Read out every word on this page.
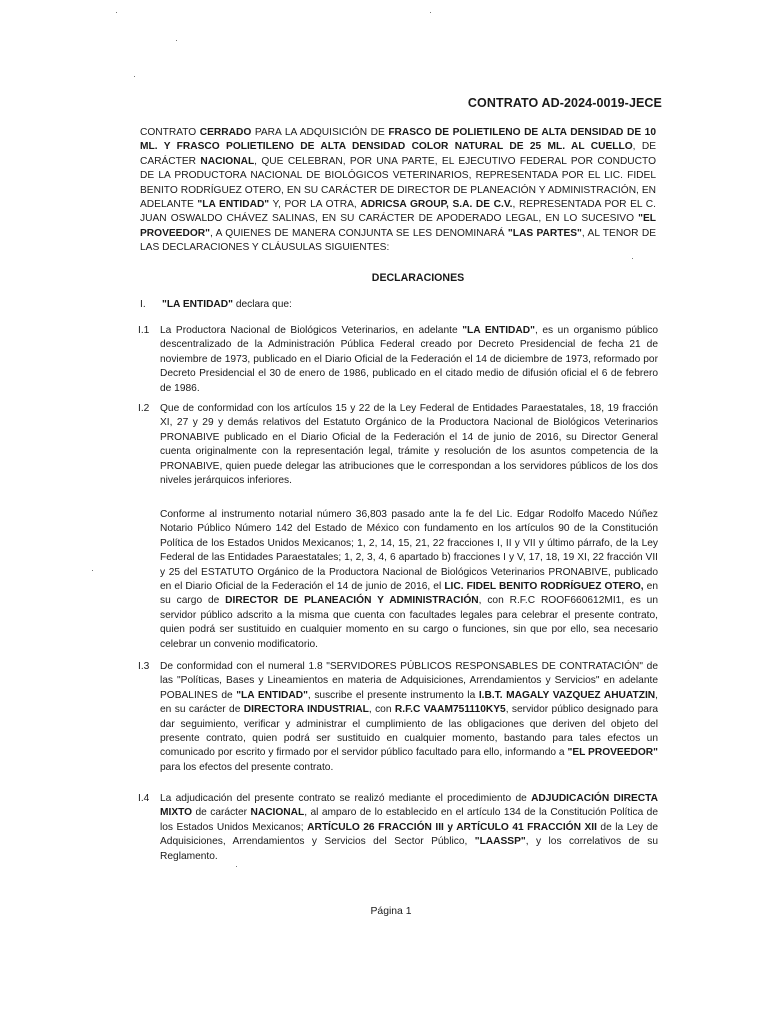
CONTRATO AD-2024-0019-JECE
CONTRATO CERRADO PARA LA ADQUISICIÓN DE FRASCO DE POLIETILENO DE ALTA DENSIDAD DE 10 ML. Y FRASCO POLIETILENO DE ALTA DENSIDAD COLOR NATURAL DE 25 ML. AL CUELLO, DE CARÁCTER NACIONAL, QUE CELEBRAN, POR UNA PARTE, EL EJECUTIVO FEDERAL POR CONDUCTO DE LA PRODUCTORA NACIONAL DE BIOLÓGICOS VETERINARIOS, REPRESENTADA POR EL LIC. FIDEL BENITO RODRÍGUEZ OTERO, EN SU CARÁCTER DE DIRECTOR DE PLANEACIÓN Y ADMINISTRACIÓN, EN ADELANTE "LA ENTIDAD" Y, POR LA OTRA, ADRICSA GROUP, S.A. DE C.V., REPRESENTADA POR EL C. JUAN OSWALDO CHÁVEZ SALINAS, EN SU CARÁCTER DE APODERADO LEGAL, EN LO SUCESIVO "EL PROVEEDOR", A QUIENES DE MANERA CONJUNTA SE LES DENOMINARÁ "LAS PARTES", AL TENOR DE LAS DECLARACIONES Y CLÁUSULAS SIGUIENTES:
DECLARACIONES
I. "LA ENTIDAD" declara que:
I.1	La Productora Nacional de Biológicos Veterinarios, en adelante "LA ENTIDAD", es un organismo público descentralizado de la Administración Pública Federal creado por Decreto Presidencial de fecha 21 de noviembre de 1973, publicado en el Diario Oficial de la Federación el 14 de diciembre de 1973, reformado por Decreto Presidencial el 30 de enero de 1986, publicado en el citado medio de difusión oficial el 6 de febrero de 1986.
I.2	Que de conformidad con los artículos 15 y 22 de la Ley Federal de Entidades Paraestatales, 18, 19 fracción XI, 27 y 29 y demás relativos del Estatuto Orgánico de la Productora Nacional de Biológicos Veterinarios PRONABIVE publicado en el Diario Oficial de la Federación el 14 de junio de 2016, su Director General cuenta originalmente con la representación legal, trámite y resolución de los asuntos competencia de la PRONABIVE, quien puede delegar las atribuciones que le correspondan a los servidores públicos de los dos niveles jerárquicos inferiores.
Conforme al instrumento notarial número 36,803 pasado ante la fe del Lic. Edgar Rodolfo Macedo Núñez Notario Público Número 142 del Estado de México con fundamento en los artículos 90 de la Constitución Política de los Estados Unidos Mexicanos; 1, 2, 14, 15, 21, 22 fracciones I, II y VII y último párrafo, de la Ley Federal de las Entidades Paraestatales; 1, 2, 3, 4, 6 apartado b) fracciones I y V, 17, 18, 19 XI, 22 fracción VII y 25 del ESTATUTO Orgánico de la Productora Nacional de Biológicos Veterinarios PRONABIVE, publicado en el Diario Oficial de la Federación el 14 de junio de 2016, el LIC. FIDEL BENITO RODRÍGUEZ OTERO, en su cargo de DIRECTOR DE PLANEACIÓN Y ADMINISTRACIÓN, con R.F.C ROOF660612MI1, es un servidor público adscrito a la misma que cuenta con facultades legales para celebrar el presente contrato, quien podrá ser sustituido en cualquier momento en su cargo o funciones, sin que por ello, sea necesario celebrar un convenio modificatorio.
I.3	De conformidad con el numeral 1.8 "SERVIDORES PÚBLICOS RESPONSABLES DE CONTRATACIÓN" de las "Políticas, Bases y Lineamientos en materia de Adquisiciones, Arrendamientos y Servicios" en adelante POBALINES de "LA ENTIDAD", suscribe el presente instrumento la I.B.T. MAGALY VAZQUEZ AHUATZIN, en su carácter de DIRECTORA INDUSTRIAL, con R.F.C VAAM751110KY5, servidor público designado para dar seguimiento, verificar y administrar el cumplimiento de las obligaciones que deriven del objeto del presente contrato, quien podrá ser sustituido en cualquier momento, bastando para tales efectos un comunicado por escrito y firmado por el servidor público facultado para ello, informando a "EL PROVEEDOR" para los efectos del presente contrato.
I.4	La adjudicación del presente contrato se realizó mediante el procedimiento de ADJUDICACIÓN DIRECTA MIXTO de carácter NACIONAL, al amparo de lo establecido en el artículo 134 de la Constitución Política de los Estados Unidos Mexicanos; ARTÍCULO 26 FRACCIÓN III y ARTÍCULO 41 FRACCIÓN XII de la Ley de Adquisiciones, Arrendamientos y Servicios del Sector Público, "LAASSP", y los correlativos de su Reglamento.
Página 1
